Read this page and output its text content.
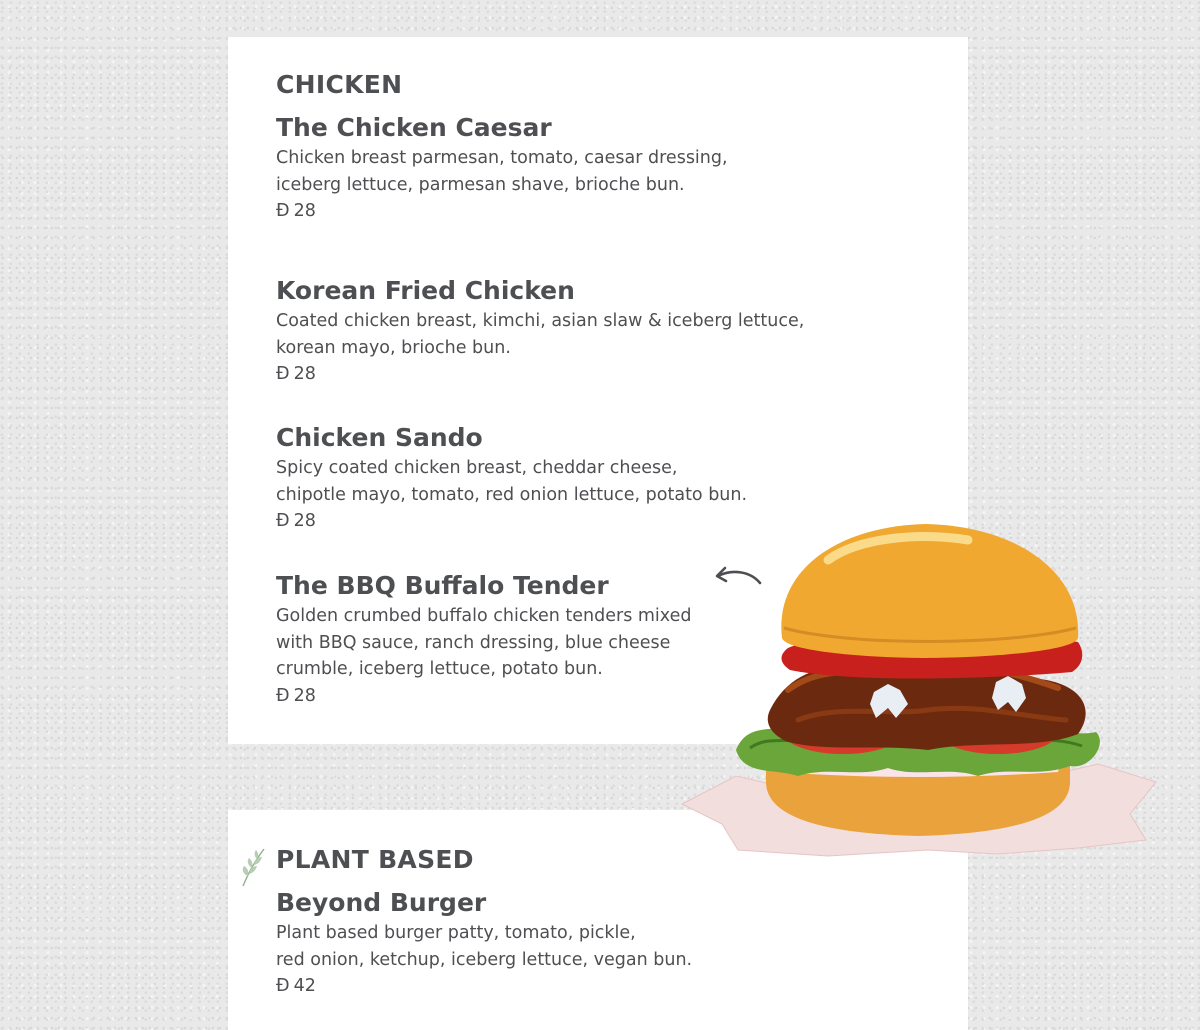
CHICKEN
The Chicken Caesar
Chicken breast parmesan, tomato, caesar dressing,
iceberg lettuce, parmesan shave, brioche bun.
Đ 28
Korean Fried Chicken
Coated chicken breast, kimchi, asian slaw & iceberg lettuce,
korean mayo, brioche bun.
Đ 28
Chicken Sando
Spicy coated chicken breast, cheddar cheese,
chipotle mayo, tomato, red onion lettuce, potato bun.
Đ 28
The BBQ Buffalo Tender
Golden crumbed buffalo chicken tenders mixed
with BBQ sauce, ranch dressing, blue cheese
crumble, iceberg lettuce, potato bun.
Đ 28
PLANT BASED
Beyond Burger
Plant based burger patty, tomato, pickle,
red onion, ketchup, iceberg lettuce, vegan bun.
Đ 42
